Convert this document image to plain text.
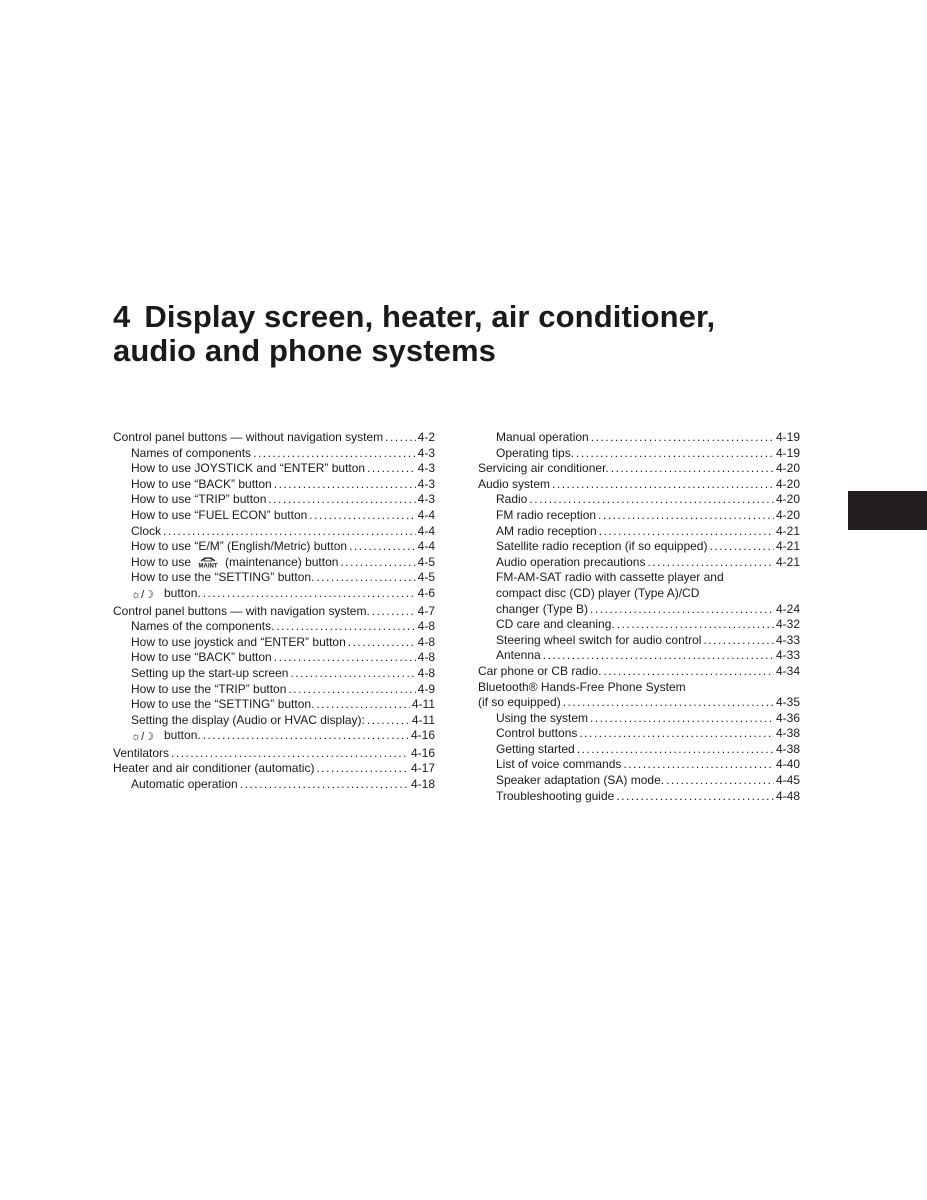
4 Display screen, heater, air conditioner,
audio and phone systems
Control panel buttons — without navigation system .....	4-2
Names of components .....	4-3
How to use JOYSTICK and “ENTER” button .....	4-3
How to use “BACK” button .....	4-3
How to use “TRIP” button .....	4-3
How to use “FUEL ECON” button .....	4-4
Clock .....	4-4
How to use “E/M” (English/Metric) button .....	4-4
How to use MAINT (maintenance) button .....	4-5
How to use the “SETTING” button. .....	4-5
☼/☽ button. .....	4-6
Control panel buttons — with navigation system. .....	4-7
Names of the components. .....	4-8
How to use joystick and “ENTER” button .....	4-8
How to use “BACK” button .....	4-8
Setting up the start-up screen .....	4-8
How to use the “TRIP” button .....	4-9
How to use the “SETTING” button. .....	4-11
Setting the display (Audio or HVAC display): .....	4-11
☼/☽ button. .....	4-16
Ventilators .....	4-16
Heater and air conditioner (automatic) .....	4-17
Automatic operation .....	4-18
Manual operation .....	4-19
Operating tips. .....	4-19
Servicing air conditioner. .....	4-20
Audio system .....	4-20
Radio .....	4-20
FM radio reception .....	4-20
AM radio reception .....	4-21
Satellite radio reception (if so equipped) .....	4-21
Audio operation precautions .....	4-21
FM-AM-SAT radio with cassette player and
compact disc (CD) player (Type A)/CD
changer (Type B) .....	4-24
CD care and cleaning. .....	4-32
Steering wheel switch for audio control .....	4-33
Antenna .....	4-33
Car phone or CB radio. .....	4-34
Bluetooth® Hands-Free Phone System
(if so equipped) .....	4-35
Using the system .....	4-36
Control buttons .....	4-38
Getting started .....	4-38
List of voice commands .....	4-40
Speaker adaptation (SA) mode. .....	4-45
Troubleshooting guide .....	4-48
